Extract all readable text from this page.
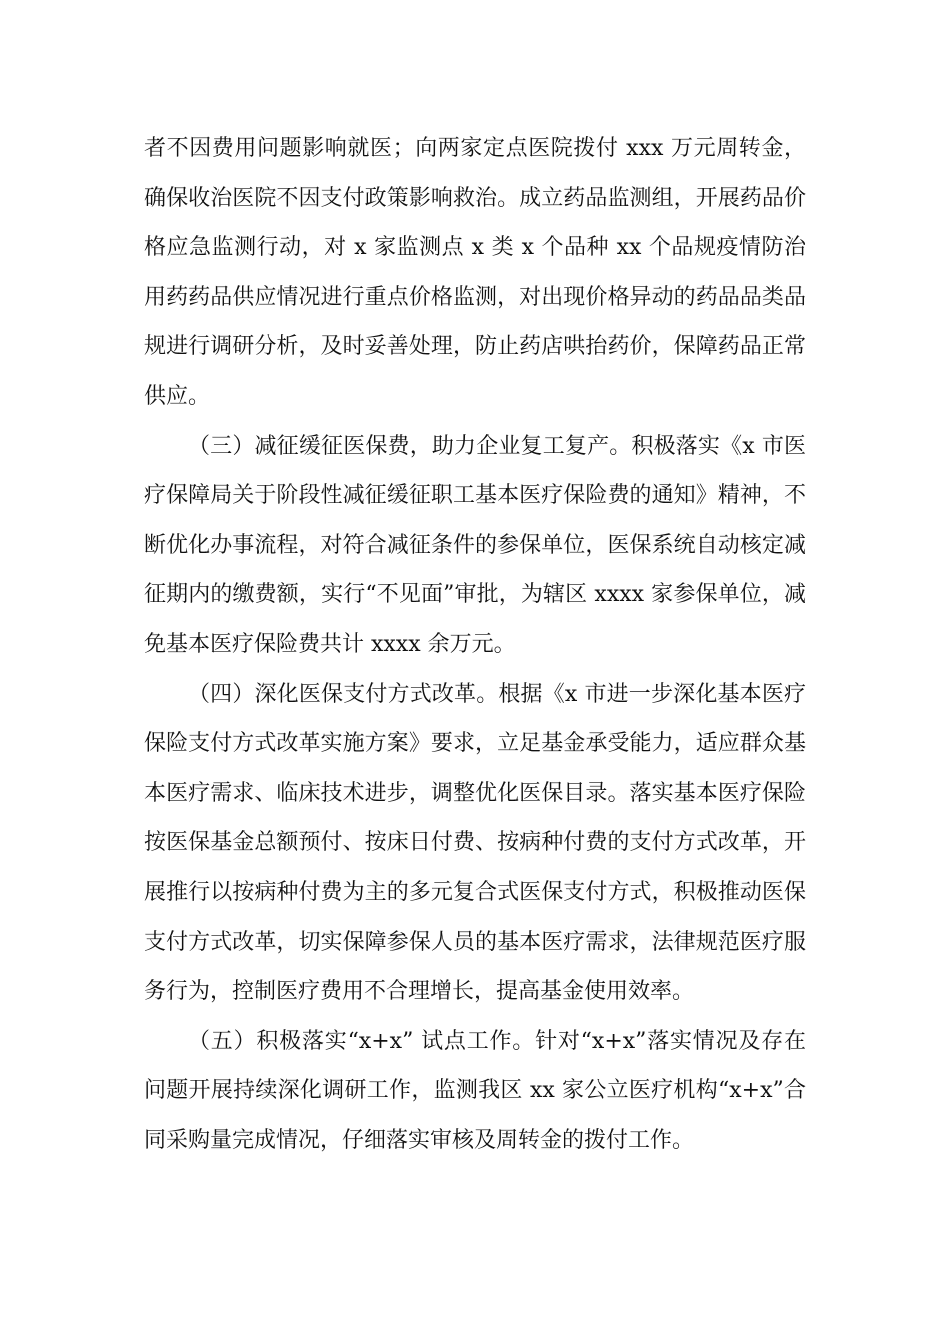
者不因费用问题影响就医；向两家定点医院拨付 xxx 万元周转金，确保收治医院不因支付政策影响救治。成立药品监测组，开展药品价格应急监测行动，对 x 家监测点 x 类 x 个品种 xx 个品规疫情防治用药药品供应情况进行重点价格监测，对出现价格异动的药品品类品规进行调研分析，及时妥善处理，防止药店哄抬药价，保障药品正常供应。

（三）减征缓征医保费，助力企业复工复产。积极落实《x 市医疗保障局关于阶段性减征缓征职工基本医疗保险费的通知》精神，不断优化办事流程，对符合减征条件的参保单位，医保系统自动核定减征期内的缴费额，实行“不见面”审批，为辖区 xxxx 家参保单位，减免基本医疗保险费共计 xxxx 余万元。

（四）深化医保支付方式改革。根据《x 市进一步深化基本医疗保险支付方式改革实施方案》要求，立足基金承受能力，适应群众基本医疗需求、临床技术进步，调整优化医保目录。落实基本医疗保险按医保基金总额预付、按床日付费、按病种付费的支付方式改革，开展推行以按病种付费为主的多元复合式医保支付方式，积极推动医保支付方式改革，切实保障参保人员的基本医疗需求，法律规范医疗服务行为，控制医疗费用不合理增长，提高基金使用效率。

（五）积极落实“x+x” 试点工作。针对“x+x”落实情况及存在问题开展持续深化调研工作，监测我区 xx 家公立医疗机构“x+x”合同采购量完成情况，仔细落实审核及周转金的拨付工作。
